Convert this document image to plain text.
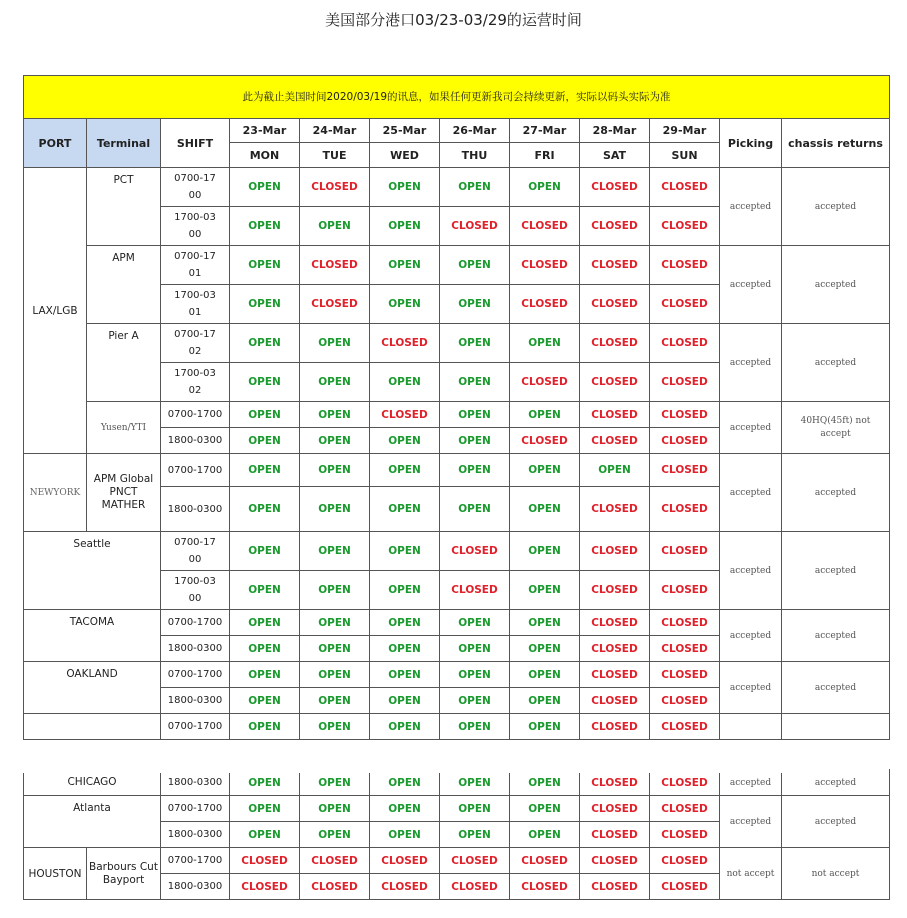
美国部分港口03/23-03/29的运营时间
此为截止美国时间2020/03/19的讯息，如果任何更新我司会持续更新，实际以码头实际为准											
PORT	Terminal	SHIFT	23-Mar	24-Mar	25-Mar	26-Mar	27-Mar	28-Mar	29-Mar	Picking	chassis returns
			MON	TUE	WED	THU	FRI	SAT	SUN		
LAX/LGB	PCT	0700-1700	OPEN	CLOSED	OPEN	OPEN	OPEN	CLOSED	CLOSED	accepted	accepted
		1700-0300	OPEN	OPEN	OPEN	CLOSED	CLOSED	CLOSED	CLOSED		
	APM	0700-1701	OPEN	CLOSED	OPEN	OPEN	CLOSED	CLOSED	CLOSED	accepted	accepted
		1700-0301	OPEN	CLOSED	OPEN	OPEN	CLOSED	CLOSED	CLOSED		
	Pier A	0700-1702	OPEN	OPEN	CLOSED	OPEN	OPEN	CLOSED	CLOSED	accepted	accepted
		1700-0302	OPEN	OPEN	OPEN	OPEN	CLOSED	CLOSED	CLOSED		
	Yusen/YTI	0700-1700	OPEN	OPEN	CLOSED	OPEN	OPEN	CLOSED	CLOSED	accepted	40HQ(45ft) not accept
		1800-0300	OPEN	OPEN	OPEN	OPEN	CLOSED	CLOSED	CLOSED		
NEWYORK	APM Global PNCT MATHER	0700-1700	OPEN	OPEN	OPEN	OPEN	OPEN	OPEN	CLOSED	accepted	accepted
		1800-0300	OPEN	OPEN	OPEN	OPEN	OPEN	CLOSED	CLOSED		
Seattle		0700-1700	OPEN	OPEN	OPEN	CLOSED	OPEN	CLOSED	CLOSED	accepted	accepted
		1700-0300	OPEN	OPEN	OPEN	CLOSED	OPEN	CLOSED	CLOSED		
TACOMA		0700-1700	OPEN	OPEN	OPEN	OPEN	OPEN	CLOSED	CLOSED	accepted	accepted
		1800-0300	OPEN	OPEN	OPEN	OPEN	OPEN	CLOSED	CLOSED		
OAKLAND		0700-1700	OPEN	OPEN	OPEN	OPEN	OPEN	CLOSED	CLOSED	accepted	accepted
		1800-0300	OPEN	OPEN	OPEN	OPEN	OPEN	CLOSED	CLOSED		
		0700-1700	OPEN	OPEN	OPEN	OPEN	OPEN	CLOSED	CLOSED		

CHICAGO		1800-0300	OPEN	OPEN	OPEN	OPEN	OPEN	CLOSED	CLOSED	accepted	accepted
Atlanta		0700-1700	OPEN	OPEN	OPEN	OPEN	OPEN	CLOSED	CLOSED	accepted	accepted
		1800-0300	OPEN	OPEN	OPEN	OPEN	OPEN	CLOSED	CLOSED		
HOUSTON	Barbours Cut Bayport	0700-1700	CLOSED	CLOSED	CLOSED	CLOSED	CLOSED	CLOSED	CLOSED	not accept	not accept
		1800-0300	CLOSED	CLOSED	CLOSED	CLOSED	CLOSED	CLOSED	CLOSED		
